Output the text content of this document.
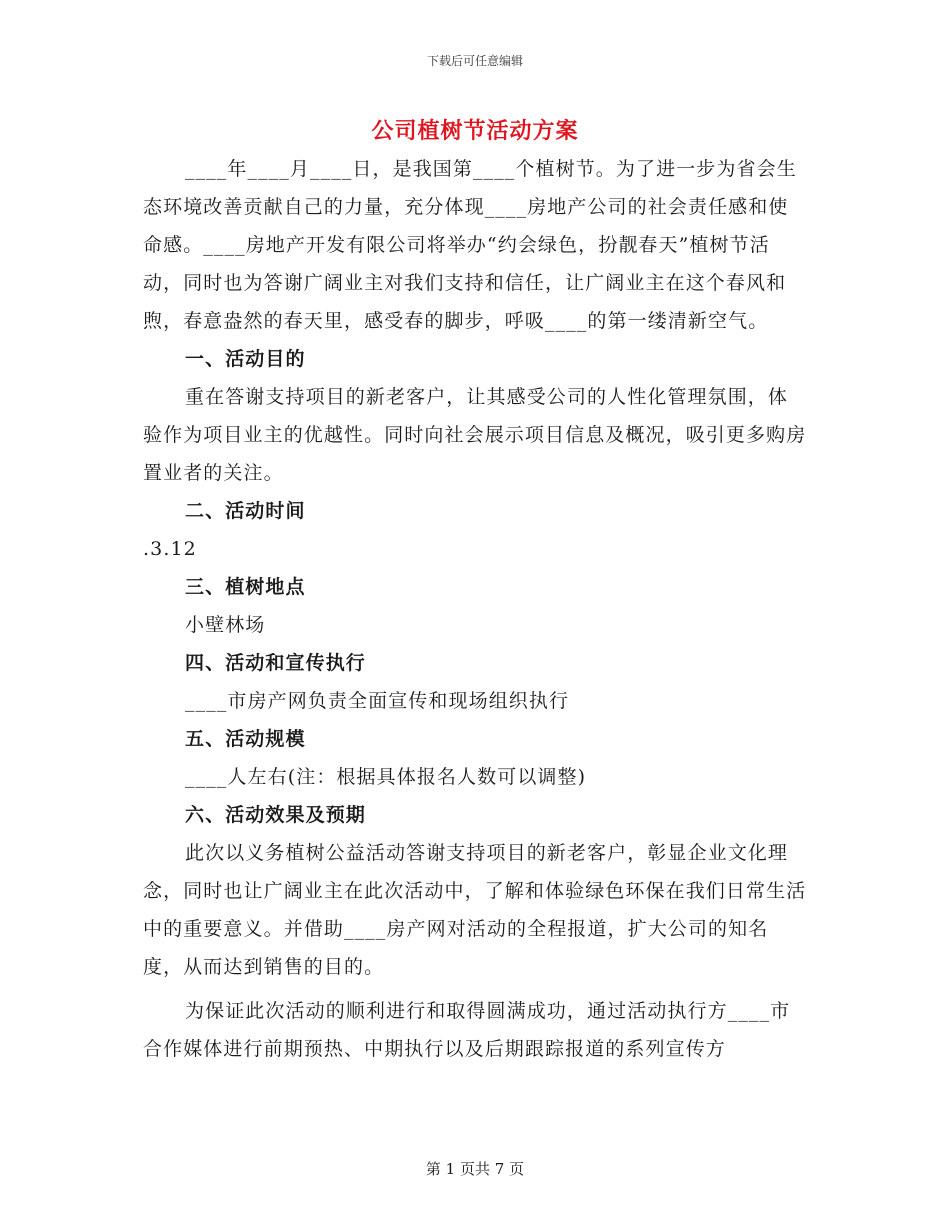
下载后可任意编辑
公司植树节活动方案

____年____月____日，是我国第____个植树节。为了进一步为省会生态环境改善贡献自己的力量，充分体现____房地产公司的社会责任感和使命感。____房地产开发有限公司将举办“约会绿色，扮靓春天”植树节活动，同时也为答谢广阔业主对我们支持和信任，让广阔业主在这个春风和煦，春意盎然的春天里，感受春的脚步，呼吸____的第一缕清新空气。

一、活动目的

重在答谢支持项目的新老客户，让其感受公司的人性化管理氛围，体验作为项目业主的优越性。同时向社会展示项目信息及概况，吸引更多购房置业者的关注。

二、活动时间

.3.12

三、植树地点

小壁林场

四、活动和宣传执行

____市房产网负责全面宣传和现场组织执行

五、活动规模

____人左右(注：根据具体报名人数可以调整)

六、活动效果及预期

此次以义务植树公益活动答谢支持项目的新老客户，彰显企业文化理念，同时也让广阔业主在此次活动中，了解和体验绿色环保在我们日常生活中的重要意义。并借助____房产网对活动的全程报道，扩大公司的知名度，从而达到销售的目的。

为保证此次活动的顺利进行和取得圆满成功，通过活动执行方____市合作媒体进行前期预热、中期执行以及后期跟踪报道的系列宣传方

第 1 页共 7 页
